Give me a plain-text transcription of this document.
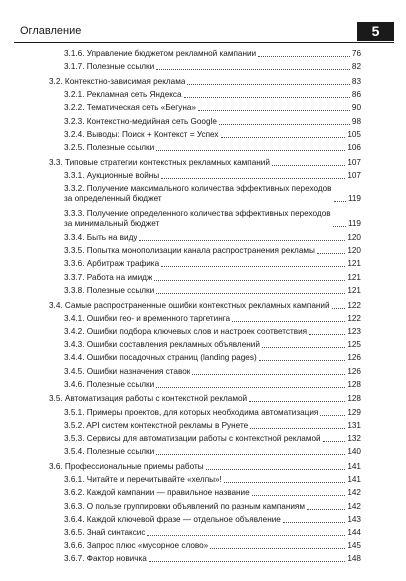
Оглавление	5
3.1.6. Управление бюджетом рекламной кампании	76
3.1.7. Полезные ссылки	82
3.2. Контекстно-зависимая реклама	83
3.2.1. Рекламная сеть Яндекса	86
3.2.2. Тематическая сеть «Бегуна»	90
3.2.3. Контекстно-медийная сеть Google	98
3.2.4. Выводы: Поиск + Контекст = Успех	105
3.2.5. Полезные ссылки	106
3.3. Типовые стратегии контекстных рекламных кампаний	107
3.3.1. Аукционные войны	107
3.3.2. Получение максимального количества эффективных переходов
за определенный бюджет	119
3.3.3. Получение определенного количества эффективных переходов
за минимальный бюджет	119
3.3.4. Быть на виду	120
3.3.5. Попытка монополизации канала распространения рекламы	120
3.3.6. Арбитраж трафика	121
3.3.7. Работа на имидж	121
3.3.8. Полезные ссылки	121
3.4. Самые распространенные ошибки контекстных рекламных кампаний 122
3.4.1. Ошибки гео- и временного таргетинга	122
3.4.2. Ошибки подбора ключевых слов и настроек соответствия	123
3.4.3. Ошибки составления рекламных объявлений	125
3.4.4. Ошибки посадочных страниц (landing pages)	126
3.4.5. Ошибки назначения ставок	126
3.4.6. Полезные ссылки	128
3.5. Автоматизация работы с контекстной рекламой	128
3.5.1. Примеры проектов, для которых необходима автоматизация	129
3.5.2. API систем контекстной рекламы в Рунете	131
3.5.3. Сервисы для автоматизации работы с контекстной рекламой	132
3.5.4. Полезные ссылки	140
3.6. Профессиональные приемы работы	141
3.6.1. Читайте и перечитывайте «хелпы»!	141
3.6.2. Каждой кампании — правильное название	142
3.6.3. О пользе группировки объявлений по разным кампаниям	142
3.6.4. Каждой ключевой фразе — отдельное объявление	143
3.6.5. Знай синтаксис	144
3.6.6. Запрос плюс «мусорное слово»	145
3.6.7. Фактор новичка	148
